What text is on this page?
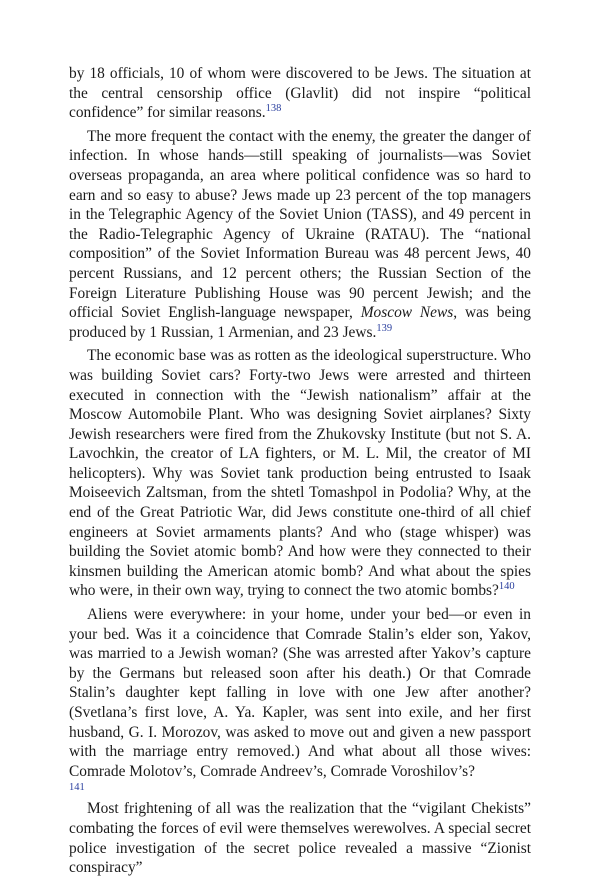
by 18 officials, 10 of whom were discovered to be Jews. The situation at the central censorship office (Glavlit) did not inspire “political confidence” for similar reasons.$^{138}$

The more frequent the contact with the enemy, the greater the danger of infection. In whose hands—still speaking of journalists—was Soviet overseas propaganda, an area where political confidence was so hard to earn and so easy to abuse? Jews made up 23 percent of the top managers in the Telegraphic Agency of the Soviet Union (TASS), and 49 percent in the Radio-Telegraphic Agency of Ukraine (RATAU). The “national composition” of the Soviet Information Bureau was 48 percent Jews, 40 percent Russians, and 12 percent others; the Russian Section of the Foreign Literature Publishing House was 90 percent Jewish; and the official Soviet English-language newspaper, Moscow News, was being produced by 1 Russian, 1 Armenian, and 23 Jews.$^{139}$

The economic base was as rotten as the ideological superstructure. Who was building Soviet cars? Forty-two Jews were arrested and thirteen executed in connection with the “Jewish nationalism” affair at the Moscow Automobile Plant. Who was designing Soviet airplanes? Sixty Jewish researchers were fired from the Zhukovsky Institute (but not S. A. Lavochkin, the creator of LA fighters, or M. L. Mil, the creator of MI helicopters). Why was Soviet tank production being entrusted to Isaak Moiseevich Zaltsman, from the shtetl Tomashpol in Podolia? Why, at the end of the Great Patriotic War, did Jews constitute one-third of all chief engineers at Soviet armaments plants? And who (stage whisper) was building the Soviet atomic bomb? And how were they connected to their kinsmen building the American atomic bomb? And what about the spies who were, in their own way, trying to connect the two atomic bombs?$^{140}$

Aliens were everywhere: in your home, under your bed—or even in your bed. Was it a coincidence that Comrade Stalin’s elder son, Yakov, was married to a Jewish woman? (She was arrested after Yakov’s capture by the Germans but released soon after his death.) Or that Comrade Stalin’s daughter kept falling in love with one Jew after another? (Svetlana’s first love, A. Ya. Kapler, was sent into exile, and her first husband, G. I. Morozov, was asked to move out and given a new passport with the marriage entry removed.) And what about all those wives: Comrade Molotov’s, Comrade Andreev’s, Comrade Voroshilov’s?
141

Most frightening of all was the realization that the “vigilant Chekists” combating the forces of evil were themselves werewolves. A special secret police investigation of the secret police revealed a massive “Zionist conspiracy”
